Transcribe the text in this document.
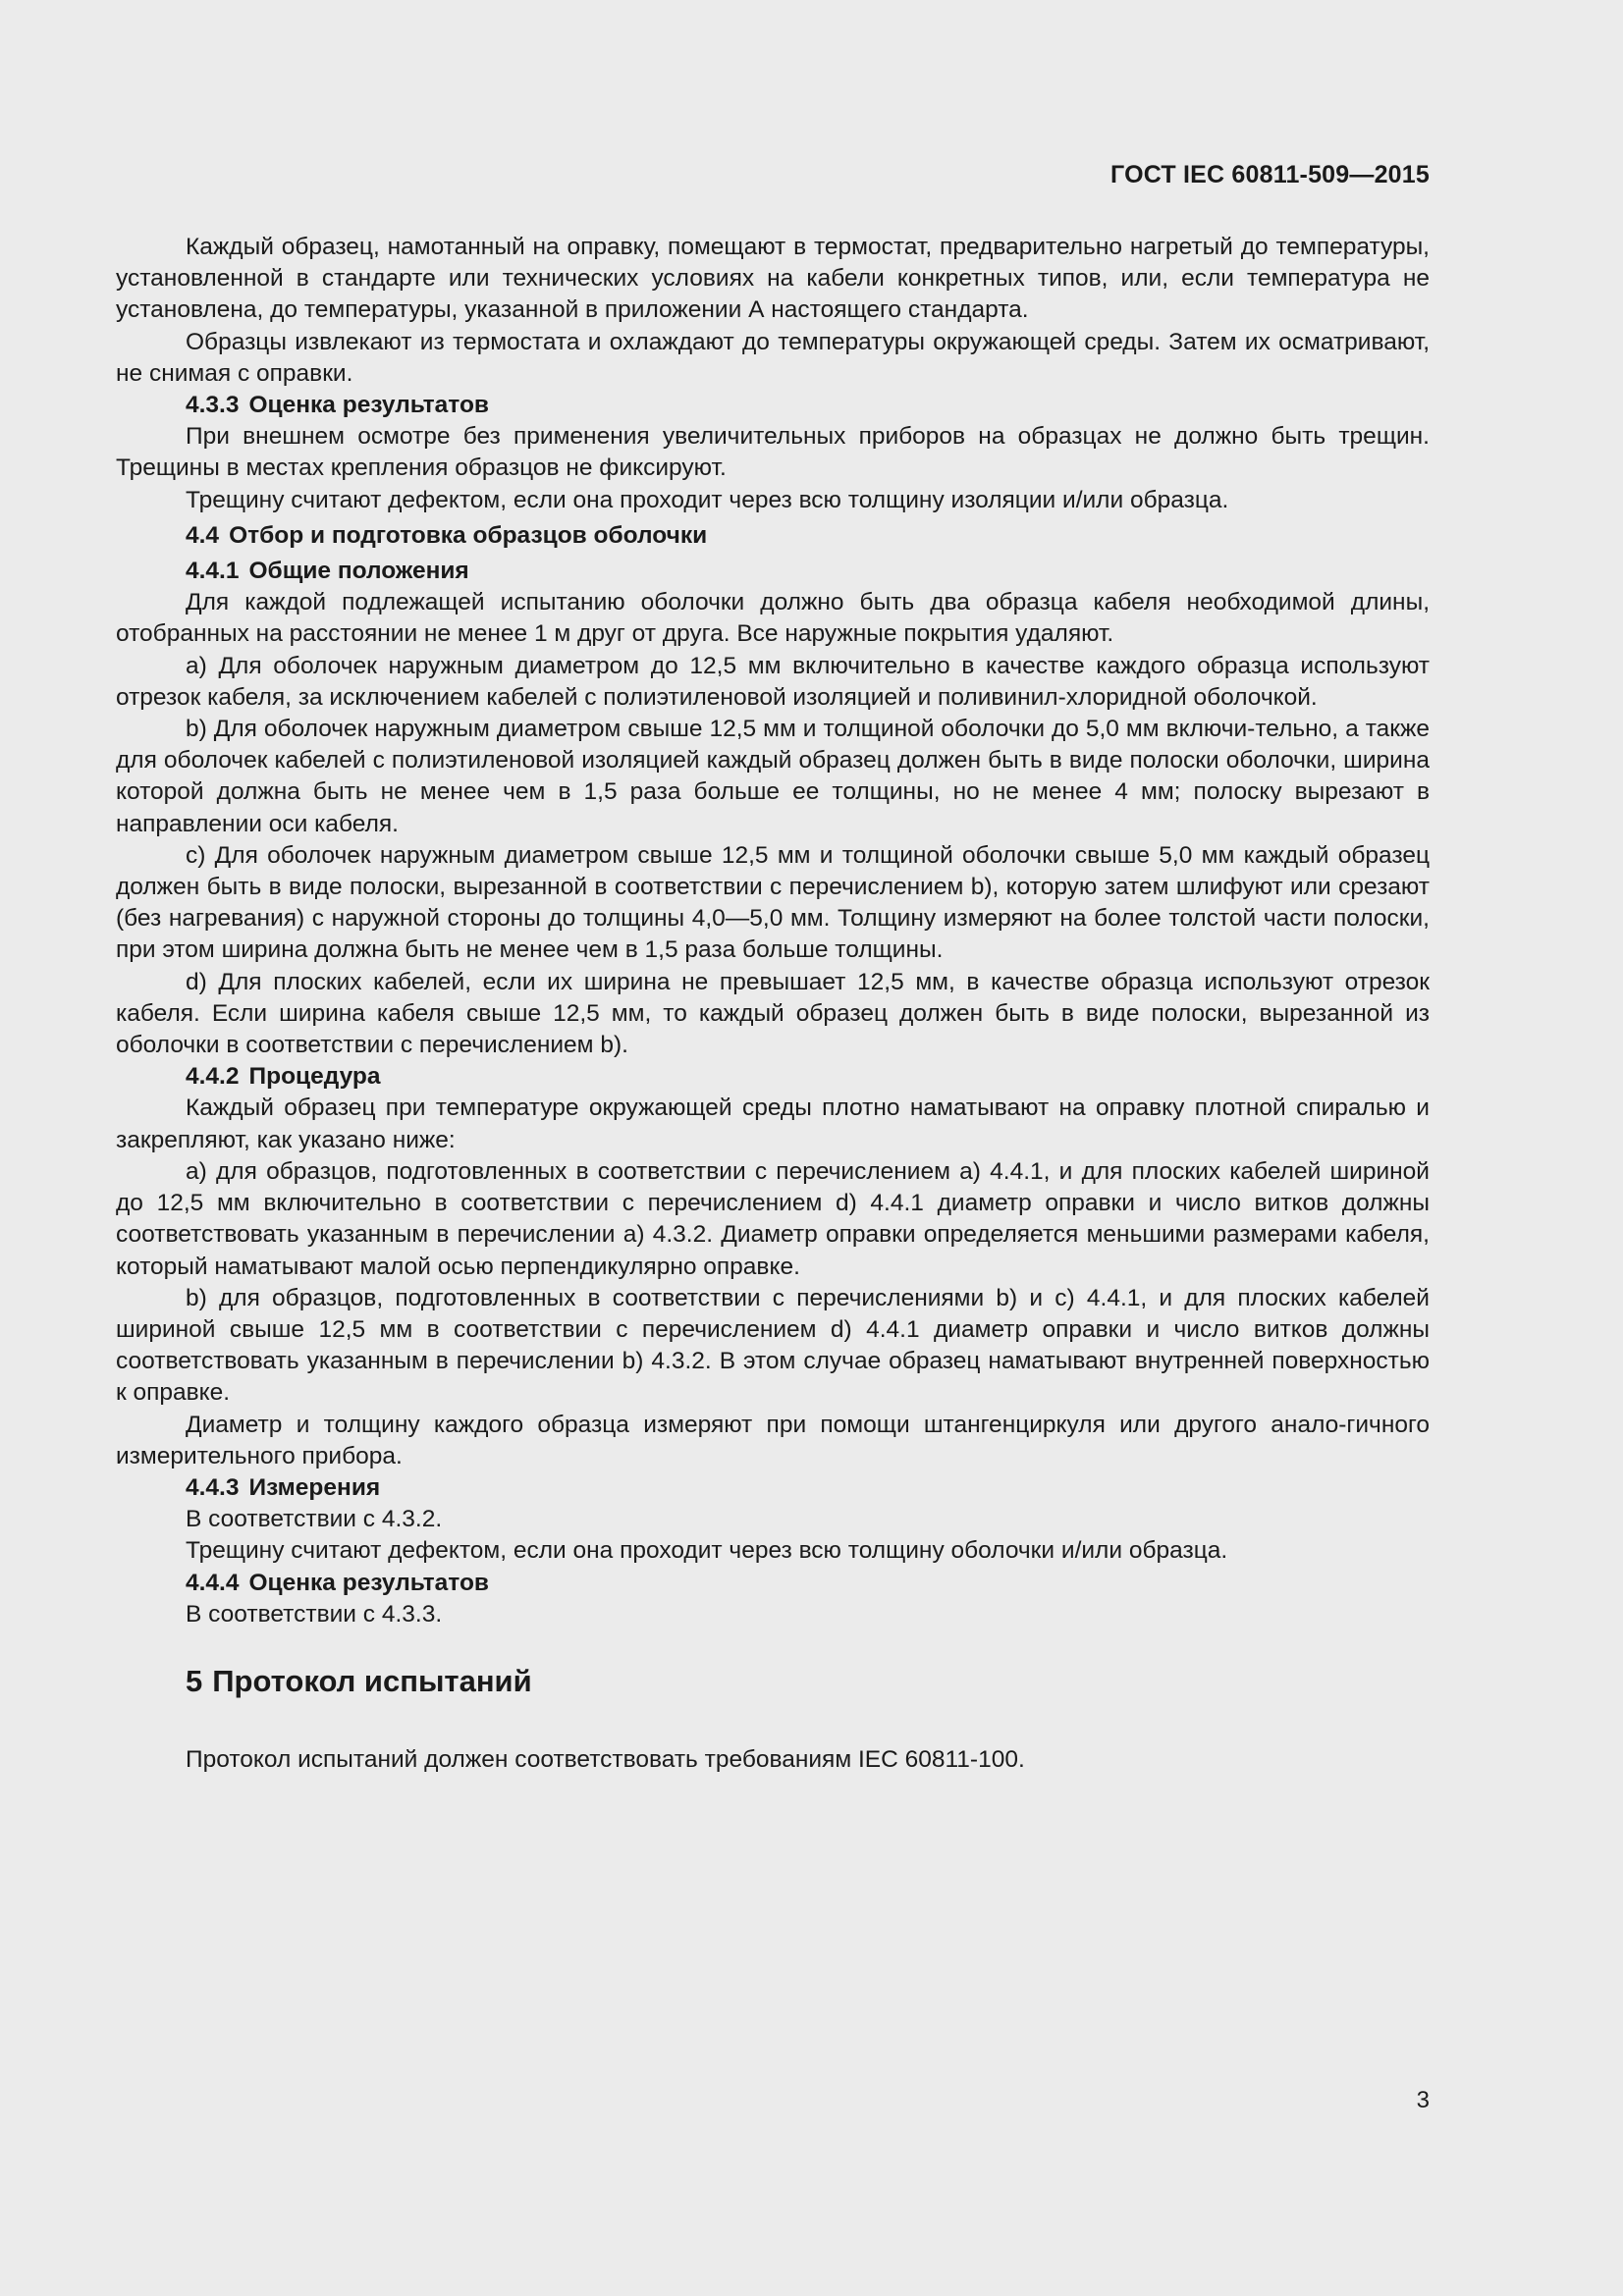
ГОСТ IEC 60811-509—2015

Каждый образец, намотанный на оправку, помещают в термостат, предварительно нагретый до температуры, установленной в стандарте или технических условиях на кабели конкретных типов, или, если температура не установлена, до температуры, указанной в приложении А настоящего стандарта.

Образцы извлекают из термостата и охлаждают до температуры окружающей среды. Затем их осматривают, не снимая с оправки.

4.3.3 Оценка результатов

При внешнем осмотре без применения увеличительных приборов на образцах не должно быть трещин. Трещины в местах крепления образцов не фиксируют.

Трещину считают дефектом, если она проходит через всю толщину изоляции и/или образца.

4.4 Отбор и подготовка образцов оболочки
4.4.1 Общие положения

Для каждой подлежащей испытанию оболочки должно быть два образца кабеля необходимой длины, отобранных на расстоянии не менее 1 м друг от друга. Все наружные покрытия удаляют.

a) Для оболочек наружным диаметром до 12,5 мм включительно в качестве каждого образца используют отрезок кабеля, за исключением кабелей с полиэтиленовой изоляцией и поливинил-хлоридной оболочкой.

b) Для оболочек наружным диаметром свыше 12,5 мм и толщиной оболочки до 5,0 мм включи-тельно, а также для оболочек кабелей с полиэтиленовой изоляцией каждый образец должен быть в виде полоски оболочки, ширина которой должна быть не менее чем в 1,5 раза больше ее толщины, но не менее 4 мм; полоску вырезают в направлении оси кабеля.

c) Для оболочек наружным диаметром свыше 12,5 мм и толщиной оболочки свыше 5,0 мм каждый образец должен быть в виде полоски, вырезанной в соответствии с перечислением b), которую затем шлифуют или срезают (без нагревания) с наружной стороны до толщины 4,0—5,0 мм. Толщину измеряют на более толстой части полоски, при этом ширина должна быть не менее чем в 1,5 раза больше толщины.

d) Для плоских кабелей, если их ширина не превышает 12,5 мм, в качестве образца используют отрезок кабеля. Если ширина кабеля свыше 12,5 мм, то каждый образец должен быть в виде полоски, вырезанной из оболочки в соответствии с перечислением b).

4.4.2 Процедура

Каждый образец при температуре окружающей среды плотно наматывают на оправку плотной спиралью и закрепляют, как указано ниже:

a) для образцов, подготовленных в соответствии с перечислением а) 4.4.1, и для плоских кабелей шириной до 12,5 мм включительно в соответствии с перечислением d) 4.4.1 диаметр оправки и число витков должны соответствовать указанным в перечислении а) 4.3.2. Диаметр оправки определяется меньшими размерами кабеля, который наматывают малой осью перпендикулярно оправке.

b) для образцов, подготовленных в соответствии с перечислениями b) и с) 4.4.1, и для плоских кабелей шириной свыше 12,5 мм в соответствии с перечислением d) 4.4.1 диаметр оправки и число витков должны соответствовать указанным в перечислении b) 4.3.2. В этом случае образец наматывают внутренней поверхностью к оправке.

Диаметр и толщину каждого образца измеряют при помощи штангенциркуля или другого анало-гичного измерительного прибора.

4.4.3 Измерения

В соответствии с 4.3.2.

Трещину считают дефектом, если она проходит через всю толщину оболочки и/или образца.

4.4.4 Оценка результатов

В соответствии с 4.3.3.

5 Протокол испытаний

Протокол испытаний должен соответствовать требованиям IEC 60811-100.

3
